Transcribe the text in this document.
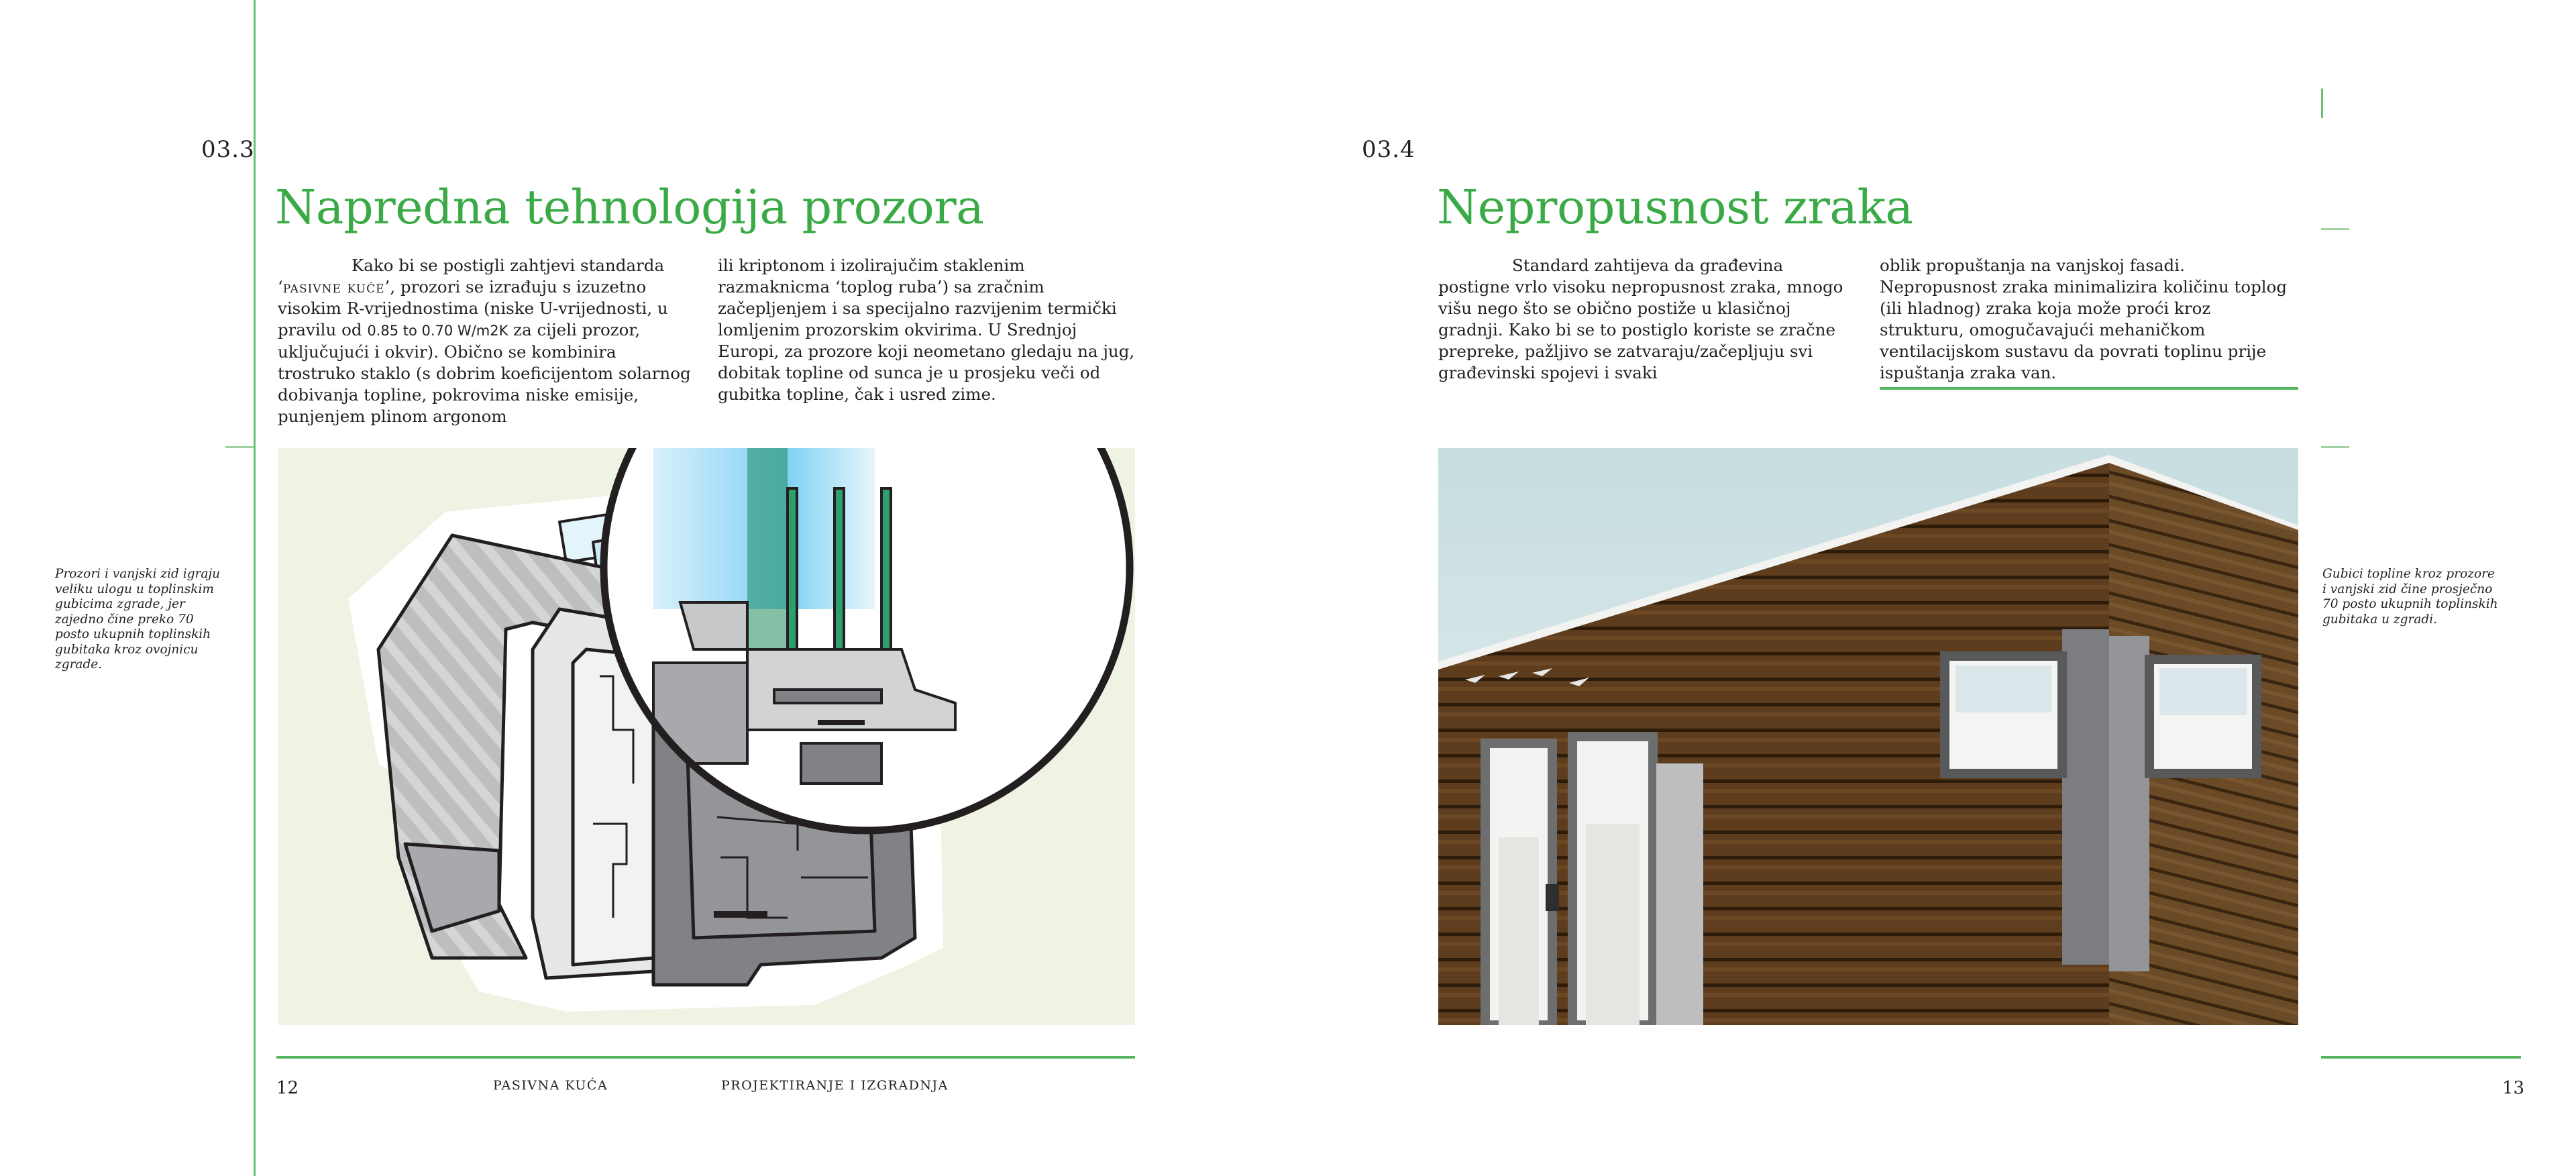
03.3
Napredna tehnologija prozora

Kako bi se postigli zahtjevi standarda ‘pasivne kuće’, prozori se izrađuju s izuzetno visokim R-vrijednostima (niske U-vrijednosti, u pravilu od 0.85 to 0.70 W/m2K za cijeli prozor, uključujući i okvir). Obično se kombinira trostruko staklo (s dobrim koeficijentom solarnog dobivanja topline, pokrovima niske emisije, punjenjem plinom argonom

ili kriptonom i izolirajučim staklenim razmaknicma ‘toplog ruba’) sa zračnim začepljenjem i sa specijalno razvijenim termički lomljenim prozorskim okvirima. U Srednjoj Europi, za prozore koji neometano gledaju na jug, dobitak topline od sunca je u prosjeku veči od gubitka topline, čak i usred zime.

Prozori i vanjski zid igraju veliku ulogu u toplinskim gubicima zgrade, jer zajedno čine preko 70 posto ukupnih toplinskih gubitaka kroz ovojnicu zgrade.
12	PASIVNA KUĆA	PROJEKTIRANJE I IZGRADNJA
03.4
Nepropusnost zraka

Standard zahtijeva da građevina postigne vrlo visoku nepropusnost zraka, mnogo višu nego što se obično postiže u klasičnoj gradnji. Kako bi se to postiglo koriste se zračne prepreke, pažljivo se zatvaraju/začepljuju svi građevinski spojevi i svaki

oblik propuštanja na vanjskoj fasadi. Nepropusnost zraka minimalizira količinu toplog (ili hladnog) zraka koja može proći kroz strukturu, omogučavajući mehaničkom ventilacijskom sustavu da povrati toplinu prije ispuštanja zraka van.

Gubici topline kroz prozore i vanjski zid čine prosječno 70 posto ukupnih toplinskih gubitaka u zgradi.
13
